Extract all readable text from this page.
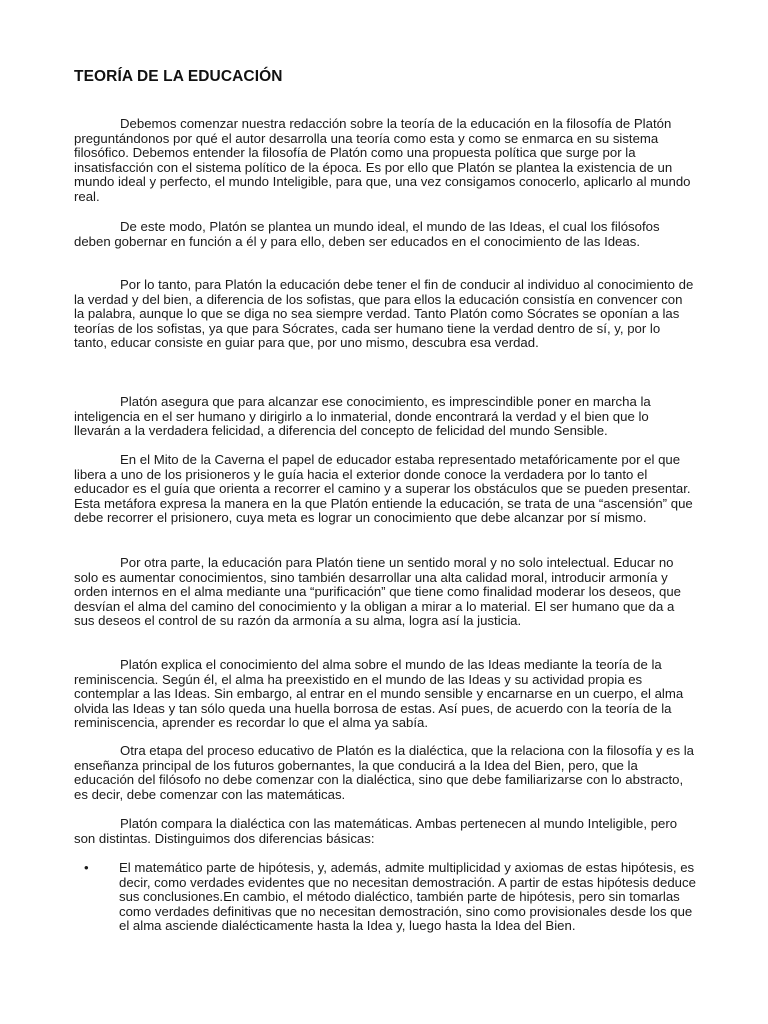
TEORÍA DE LA EDUCACIÓN

Debemos comenzar nuestra redacción sobre la teoría de la educación en la filosofía de Platón preguntándonos por qué el autor desarrolla una teoría como esta y como se enmarca en su sistema filosófico. Debemos entender la filosofía de Platón como una propuesta política que surge por la insatisfacción con el sistema político de la época. Es por ello que Platón se plantea la existencia de un mundo ideal y perfecto, el mundo Inteligible, para que, una vez consigamos conocerlo, aplicarlo al mundo real.

De este modo, Platón se plantea un mundo ideal, el mundo de las Ideas, el cual los filósofos deben gobernar en función a él y para ello, deben ser educados en el conocimiento de las Ideas.

Por lo tanto, para Platón la educación debe tener el fin de conducir al individuo al conocimiento de la verdad y del bien, a diferencia de los sofistas, que para ellos la educación consistía en convencer con la palabra, aunque lo que se diga no sea siempre verdad. Tanto Platón como Sócrates se oponían a las teorías de los sofistas, ya que para Sócrates, cada ser humano tiene la verdad dentro de sí, y, por lo tanto, educar consiste en guiar para que, por uno mismo, descubra esa verdad.

Platón asegura que para alcanzar ese conocimiento, es imprescindible poner en marcha la inteligencia en el ser humano y dirigirlo a lo inmaterial, donde encontrará la verdad y el bien que lo llevarán a la verdadera felicidad, a diferencia del concepto de felicidad del mundo Sensible.

En el Mito de la Caverna el papel de educador estaba representado metafóricamente por el que libera a uno de los prisioneros y le guía hacia el exterior donde conoce la verdadera por lo tanto el educador es el guía que orienta a recorrer el camino y a superar los obstáculos que se pueden presentar. Esta metáfora expresa la manera en la que Platón entiende la educación, se trata de una “ascensión” que debe recorrer el prisionero, cuya meta es lograr un conocimiento que debe alcanzar por sí mismo.

Por otra parte, la educación para Platón tiene un sentido moral y no solo intelectual. Educar no solo es aumentar conocimientos, sino también desarrollar una alta calidad moral, introducir armonía y orden internos en el alma mediante una “purificación” que tiene como finalidad moderar los deseos, que desvían el alma del camino del conocimiento y la obligan a mirar a lo material. El ser humano que da a sus deseos el control de su razón da armonía a su alma, logra así la justicia.

Platón explica el conocimiento del alma sobre el mundo de las Ideas mediante la teoría de la reminiscencia. Según él, el alma ha preexistido en el mundo de las Ideas y su actividad propia es contemplar a las Ideas. Sin embargo, al entrar en el mundo sensible y encarnarse en un cuerpo, el alma olvida las Ideas y tan sólo queda una huella borrosa de estas. Así pues, de acuerdo con la teoría de la reminiscencia, aprender es recordar lo que el alma ya sabía.

Otra etapa del proceso educativo de Platón es la dialéctica, que la relaciona con la filosofía y es la enseñanza principal de los futuros gobernantes, la que conducirá a la Idea del Bien, pero, que la educación del filósofo no debe comenzar con la dialéctica, sino que debe familiarizarse con lo abstracto, es decir, debe comenzar con las matemáticas.

Platón compara la dialéctica con las matemáticas. Ambas pertenecen al mundo Inteligible, pero son distintas. Distinguimos dos diferencias básicas:

• El matemático parte de hipótesis, y, además, admite multiplicidad y axiomas de estas hipótesis, es decir, como verdades evidentes que no necesitan demostración. A partir de estas hipótesis deduce sus conclusiones.En cambio, el método dialéctico, también parte de hipótesis, pero sin tomarlas como verdades definitivas que no necesitan demostración, sino como provisionales desde los que el alma asciende dialécticamente hasta la Idea y, luego hasta la Idea del Bien.
